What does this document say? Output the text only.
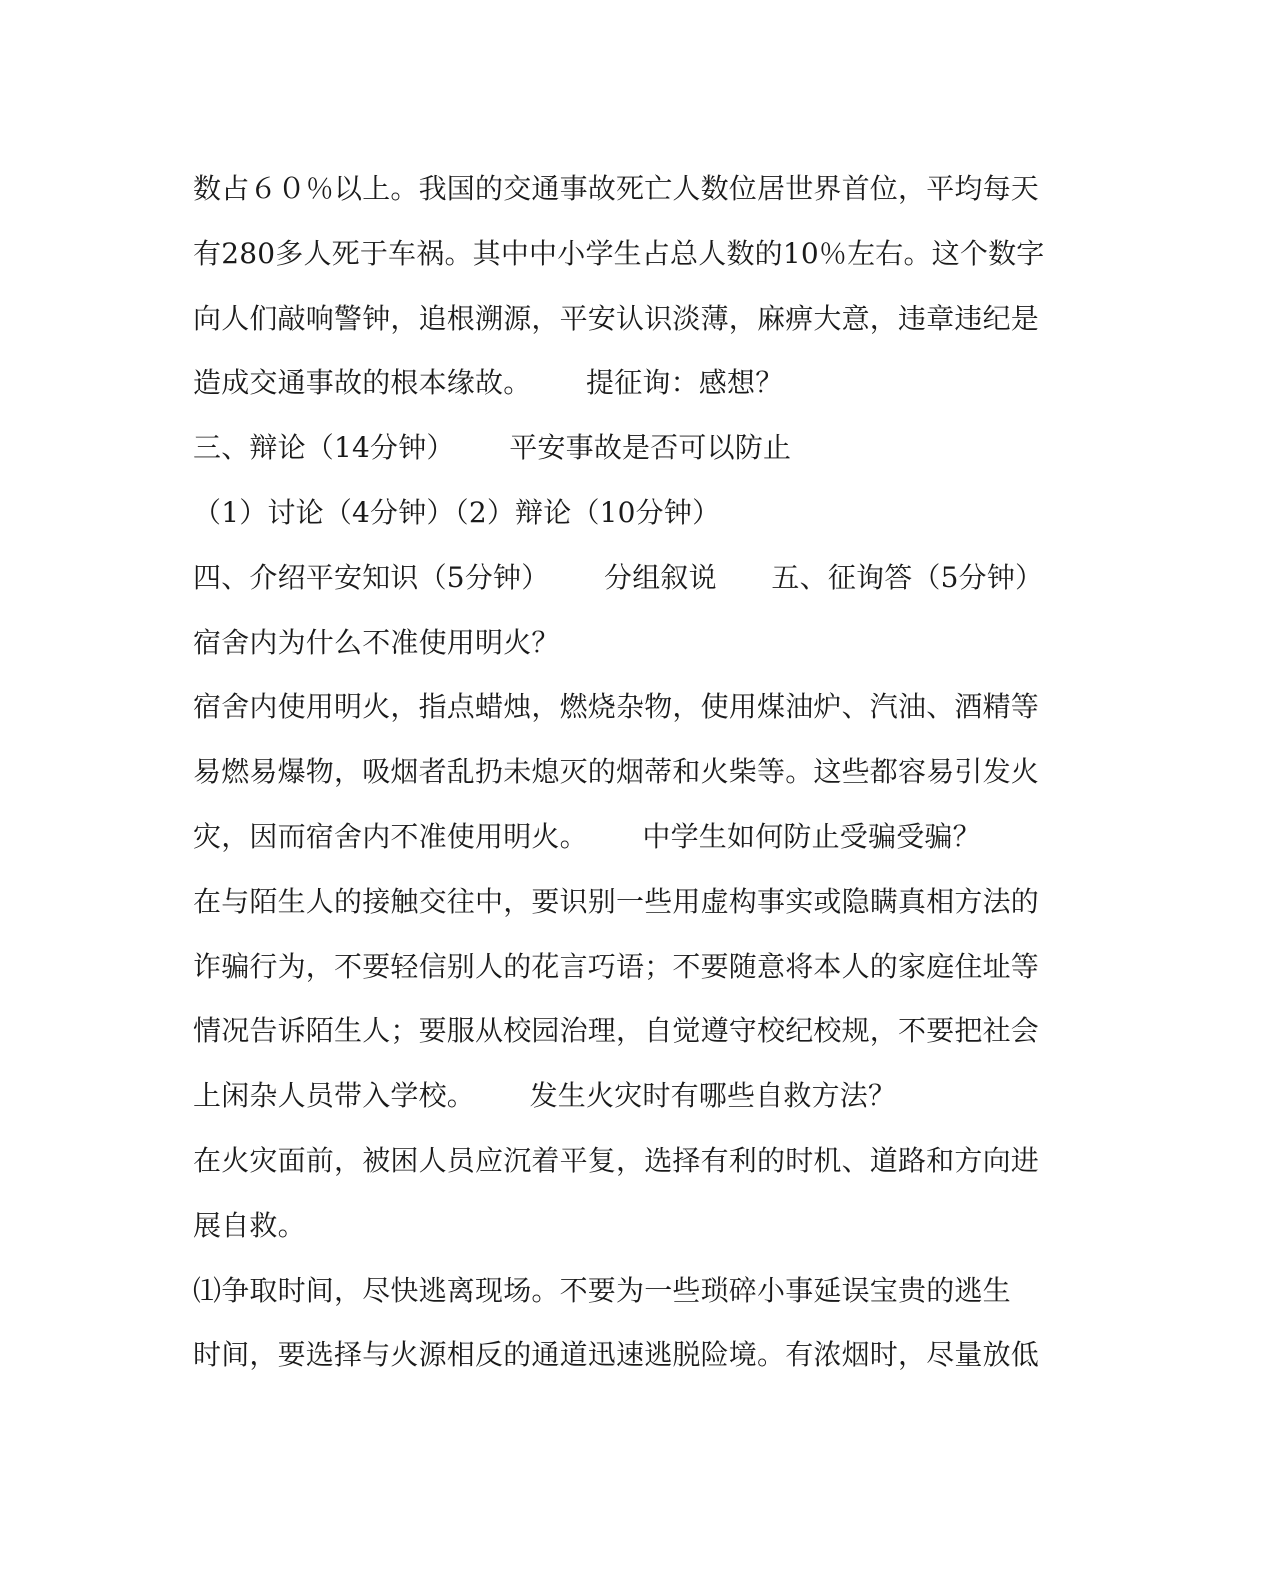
数占６０％以上。我国的交通事故死亡人数位居世界首位，平均每天
有280多人死于车祸。其中中小学生占总人数的10％左右。这个数字
向人们敲响警钟，追根溯源，平安认识淡薄，麻痹大意，违章违纪是
造成交通事故的根本缘故。      提征询：感想？
三、辩论（14分钟）      平安事故是否可以防止
（1）讨论（4分钟）（2）辩论（10分钟）
四、介绍平安知识（5分钟）      分组叙说      五、征询答（5分钟）
宿舍内为什么不准使用明火？
宿舍内使用明火，指点蜡烛，燃烧杂物，使用煤油炉、汽油、酒精等
易燃易爆物，吸烟者乱扔未熄灭的烟蒂和火柴等。这些都容易引发火
灾，因而宿舍内不准使用明火。      中学生如何防止受骗受骗？
在与陌生人的接触交往中，要识别一些用虚构事实或隐瞒真相方法的
诈骗行为，不要轻信别人的花言巧语；不要随意将本人的家庭住址等
情况告诉陌生人；要服从校园治理，自觉遵守校纪校规，不要把社会
上闲杂人员带入学校。      发生火灾时有哪些自救方法？
在火灾面前，被困人员应沉着平复，选择有利的时机、道路和方向进
展自救。
⑴争取时间，尽快逃离现场。不要为一些琐碎小事延误宝贵的逃生
时间，要选择与火源相反的通道迅速逃脱险境。有浓烟时，尽量放低
